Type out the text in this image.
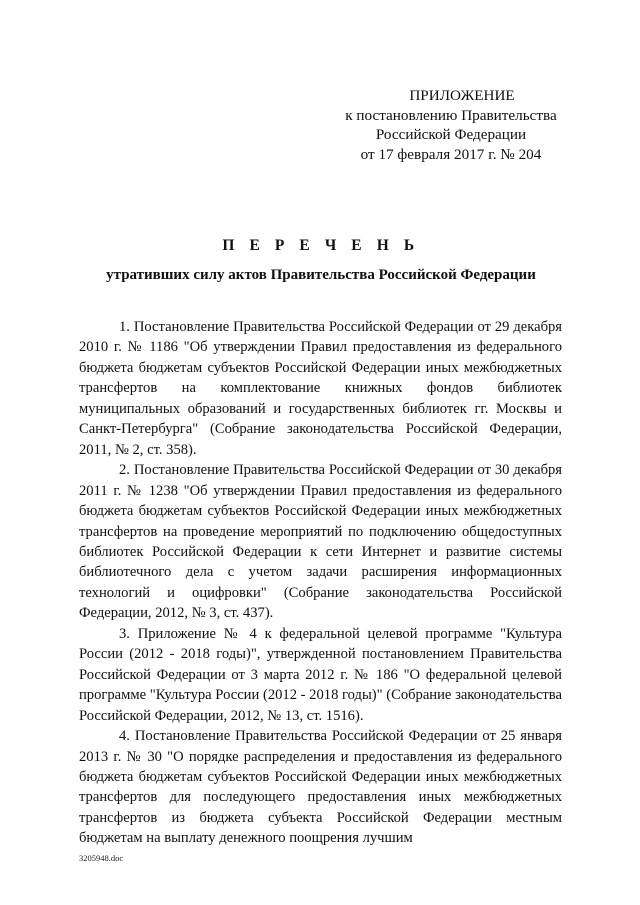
ПРИЛОЖЕНИЕ
к постановлению Правительства
Российской Федерации
от 17 февраля 2017 г. № 204
П Е Р Е Ч Е Н Ь
утративших силу актов Правительства Российской Федерации

1. Постановление Правительства Российской Федерации от 29 декабря 2010 г. № 1186 "Об утверждении Правил предоставления из федерального бюджета бюджетам субъектов Российской Федерации иных межбюджетных трансфертов на комплектование книжных фондов библиотек муниципальных образований и государственных библиотек гг. Москвы и Санкт-Петербурга" (Собрание законодательства Российской Федерации, 2011, № 2, ст. 358).

2. Постановление Правительства Российской Федерации от 30 декабря 2011 г. № 1238 "Об утверждении Правил предоставления из федерального бюджета бюджетам субъектов Российской Федерации иных межбюджетных трансфертов на проведение мероприятий по подключению общедоступных библиотек Российской Федерации к сети Интернет и развитие системы библиотечного дела с учетом задачи расширения информационных технологий и оцифровки" (Собрание законодательства Российской Федерации, 2012, № 3, ст. 437).

3. Приложение № 4 к федеральной целевой программе "Культура России (2012 - 2018 годы)", утвержденной постановлением Правительства Российской Федерации от 3 марта 2012 г. № 186 "О федеральной целевой программе "Культура России (2012 - 2018 годы)" (Собрание законодательства Российской Федерации, 2012, № 13, ст. 1516).

4. Постановление Правительства Российской Федерации от 25 января 2013 г. № 30 "О порядке распределения и предоставления из федерального бюджета бюджетам субъектов Российской Федерации иных межбюджетных трансфертов для последующего предоставления иных межбюджетных трансфертов из бюджета субъекта Российской Федерации местным бюджетам на выплату денежного поощрения лучшим

3205948.doc
